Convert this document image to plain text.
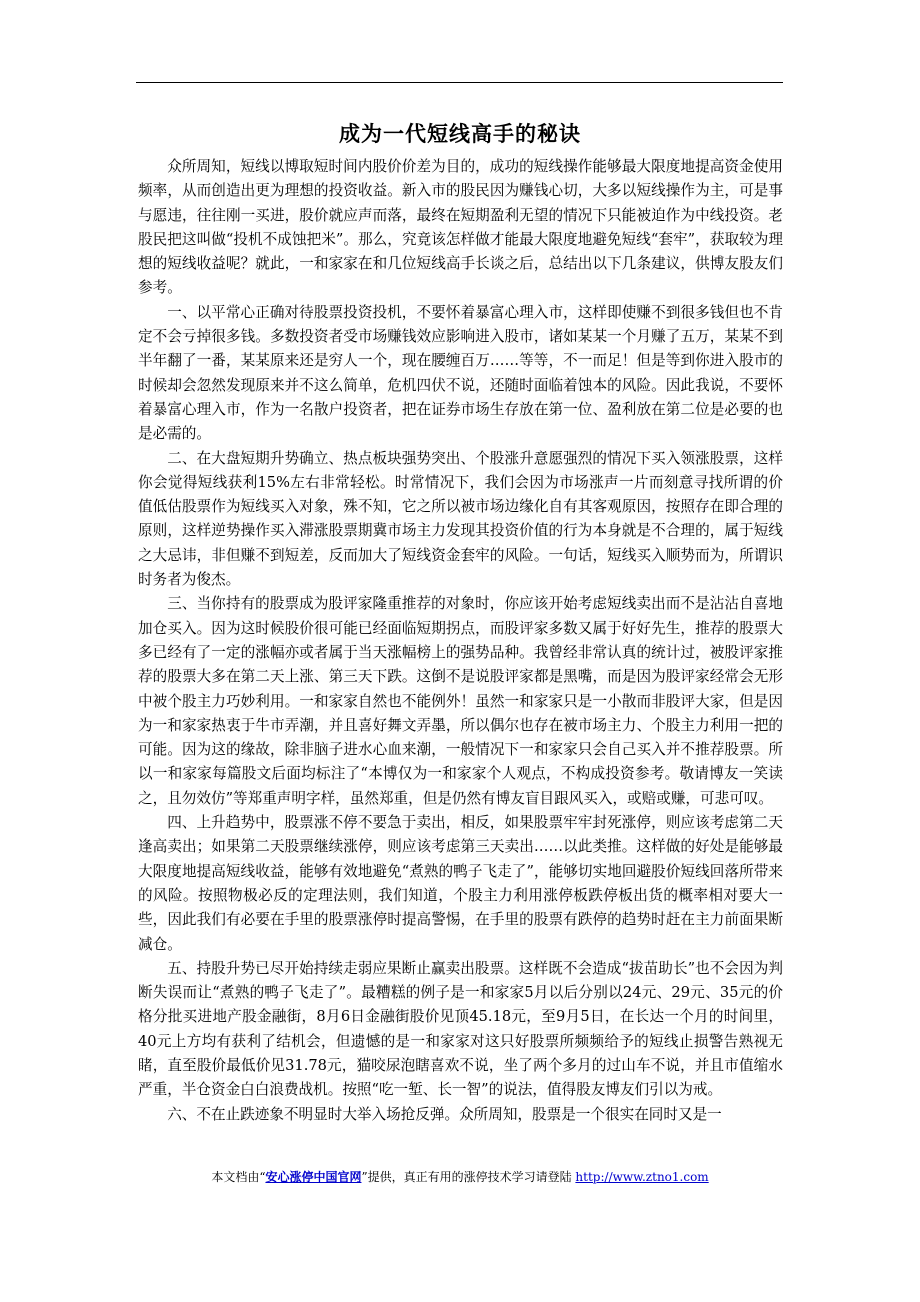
成为一代短线高手的秘诀

众所周知，短线以博取短时间内股价价差为目的，成功的短线操作能够最大限度地提高资金使用频率，从而创造出更为理想的投资收益。新入市的股民因为赚钱心切，大多以短线操作为主，可是事与愿违，往往刚一买进，股价就应声而落，最终在短期盈利无望的情况下只能被迫作为中线投资。老股民把这叫做“投机不成蚀把米”。那么，究竟该怎样做才能最大限度地避免短线“套牢”，获取较为理想的短线收益呢？就此，一和家家在和几位短线高手长谈之后，总结出以下几条建议，供博友股友们参考。

一、以平常心正确对待股票投资投机，不要怀着暴富心理入市，这样即使赚不到很多钱但也不肯定不会亏掉很多钱。多数投资者受市场赚钱效应影响进入股市，诸如某某一个月赚了五万，某某不到半年翻了一番，某某原来还是穷人一个，现在腰缠百万……等等，不一而足！但是等到你进入股市的时候却会忽然发现原来并不这么简单，危机四伏不说，还随时面临着蚀本的风险。因此我说，不要怀着暴富心理入市，作为一名散户投资者，把在证券市场生存放在第一位、盈利放在第二位是必要的也是必需的。

二、在大盘短期升势确立、热点板块强势突出、个股涨升意愿强烈的情况下买入领涨股票，这样你会觉得短线获利15%左右非常轻松。时常情况下，我们会因为市场涨声一片而刻意寻找所谓的价值低估股票作为短线买入对象，殊不知，它之所以被市场边缘化自有其客观原因，按照存在即合理的原则，这样逆势操作买入滞涨股票期冀市场主力发现其投资价值的行为本身就是不合理的，属于短线之大忌讳，非但赚不到短差，反而加大了短线资金套牢的风险。一句话，短线买入顺势而为，所谓识时务者为俊杰。

三、当你持有的股票成为股评家隆重推荐的对象时，你应该开始考虑短线卖出而不是沾沾自喜地加仓买入。因为这时候股价很可能已经面临短期拐点，而股评家多数又属于好好先生，推荐的股票大多已经有了一定的涨幅亦或者属于当天涨幅榜上的强势品种。我曾经非常认真的统计过，被股评家推荐的股票大多在第二天上涨、第三天下跌。这倒不是说股评家都是黑嘴，而是因为股评家经常会无形中被个股主力巧妙利用。一和家家自然也不能例外！虽然一和家家只是一小散而非股评大家，但是因为一和家家热衷于牛市弄潮，并且喜好舞文弄墨，所以偶尔也存在被市场主力、个股主力利用一把的可能。因为这的缘故，除非脑子进水心血来潮，一般情况下一和家家只会自己买入并不推荐股票。所以一和家家每篇股文后面均标注了“本博仅为一和家家个人观点，不构成投资参考。敬请博友一笑读之，且勿效仿”等郑重声明字样，虽然郑重，但是仍然有博友盲目跟风买入，或赔或赚，可悲可叹。

四、上升趋势中，股票涨不停不要急于卖出，相反，如果股票牢牢封死涨停，则应该考虑第二天逢高卖出；如果第二天股票继续涨停，则应该考虑第三天卖出……以此类推。这样做的好处是能够最大限度地提高短线收益，能够有效地避免“煮熟的鸭子飞走了”，能够切实地回避股价短线回落所带来的风险。按照物极必反的定理法则，我们知道，个股主力利用涨停板跌停板出货的概率相对要大一些，因此我们有必要在手里的股票涨停时提高警惕，在手里的股票有跌停的趋势时赶在主力前面果断减仓。

五、持股升势已尽开始持续走弱应果断止赢卖出股票。这样既不会造成“拔苗助长”也不会因为判断失误而让“煮熟的鸭子飞走了”。最糟糕的例子是一和家家5月以后分别以24元、29元、35元的价格分批买进地产股金融街，8月6日金融街股价见顶45.18元，至9月5日，在长达一个月的时间里，40元上方均有获利了结机会，但遗憾的是一和家家对这只好股票所频频给予的短线止损警告熟视无睹，直至股价最低价见31.78元，猫咬尿泡瞎喜欢不说，坐了两个多月的过山车不说，并且市值缩水严重，半仓资金白白浪费战机。按照“吃一堑、长一智”的说法，值得股友博友们引以为戒。

六、不在止跌迹象不明显时大举入场抢反弹。众所周知，股票是一个很实在同时又是一

本文档由“安心涨停中国官网”提供，真正有用的涨停技术学习请登陆 http://www.ztno1.com
